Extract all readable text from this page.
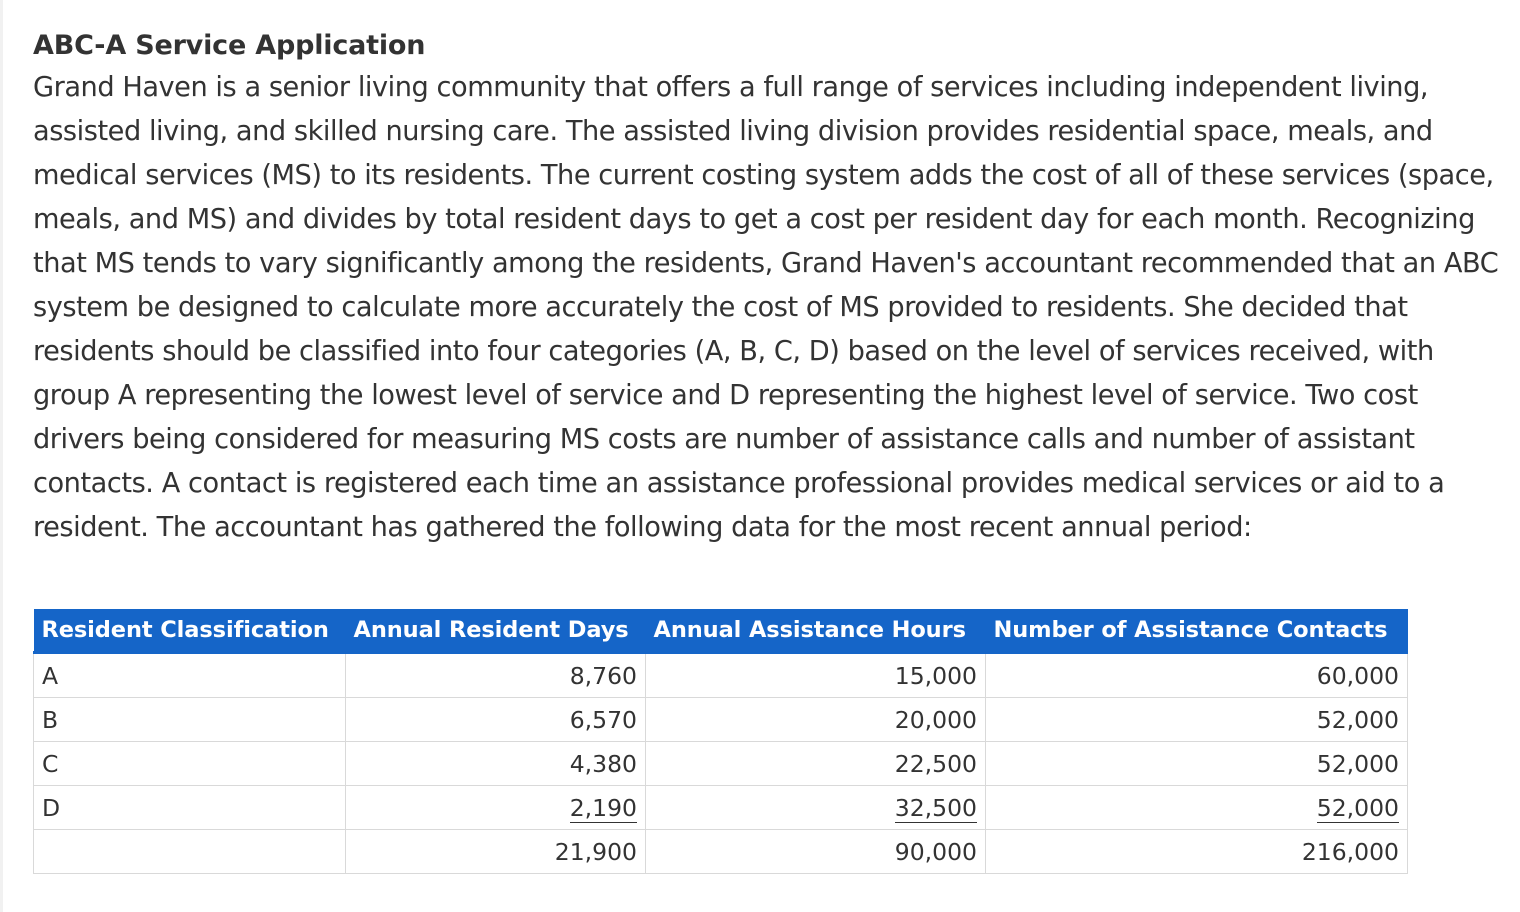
ABC-A Service Application

Grand Haven is a senior living community that offers a full range of services including independent living, assisted living, and skilled nursing care. The assisted living division provides residential space, meals, and medical services (MS) to its residents. The current costing system adds the cost of all of these services (space, meals, and MS) and divides by total resident days to get a cost per resident day for each month. Recognizing that MS tends to vary significantly among the residents, Grand Haven's accountant recommended that an ABC system be designed to calculate more accurately the cost of MS provided to residents. She decided that residents should be classified into four categories (A, B, C, D) based on the level of services received, with group A representing the lowest level of service and D representing the highest level of service. Two cost drivers being considered for measuring MS costs are number of assistance calls and number of assistant contacts. A contact is registered each time an assistance professional provides medical services or aid to a resident. The accountant has gathered the following data for the most recent annual period:

Resident Classification	Annual Resident Days	Annual Assistance Hours	Number of Assistance Contacts
A	8,760	15,000	60,000
B	6,570	20,000	52,000
C	4,380	22,500	52,000
D	2,190	32,500	52,000
	21,900	90,000	216,000
